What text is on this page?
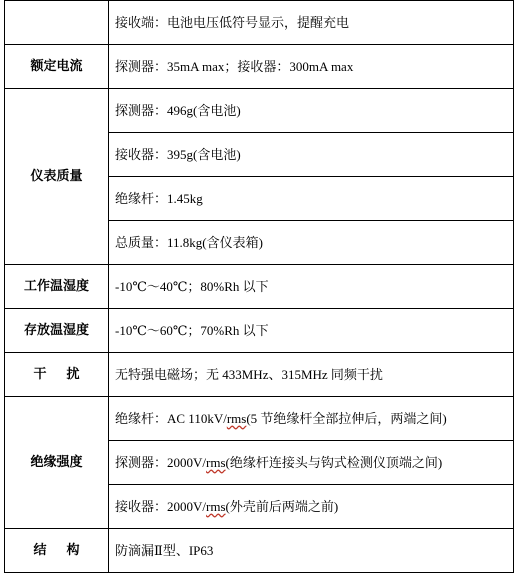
	接收端：电池电压低符号显示，提醒充电
额定电流	探测器：35mA max；接收器：300mA max
仪表质量	探测器：496g(含电池)
	接收器：395g(含电池)
	绝缘杆：1.45kg
	总质量：11.8kg(含仪表箱)
工作温湿度	-10℃～40℃；80%Rh 以下
存放温湿度	-10℃～60℃；70%Rh 以下
干扰	无特强电磁场；无 433MHz、315MHz 同频干扰
绝缘强度	绝缘杆：AC 110kV/rms(5 节绝缘杆全部拉伸后，两端之间)
	探测器：2000V/rms(绝缘杆连接头与钩式检测仪顶端之间)
	接收器：2000V/rms(外壳前后两端之前)
结构	防滴漏Ⅱ型、IP63
